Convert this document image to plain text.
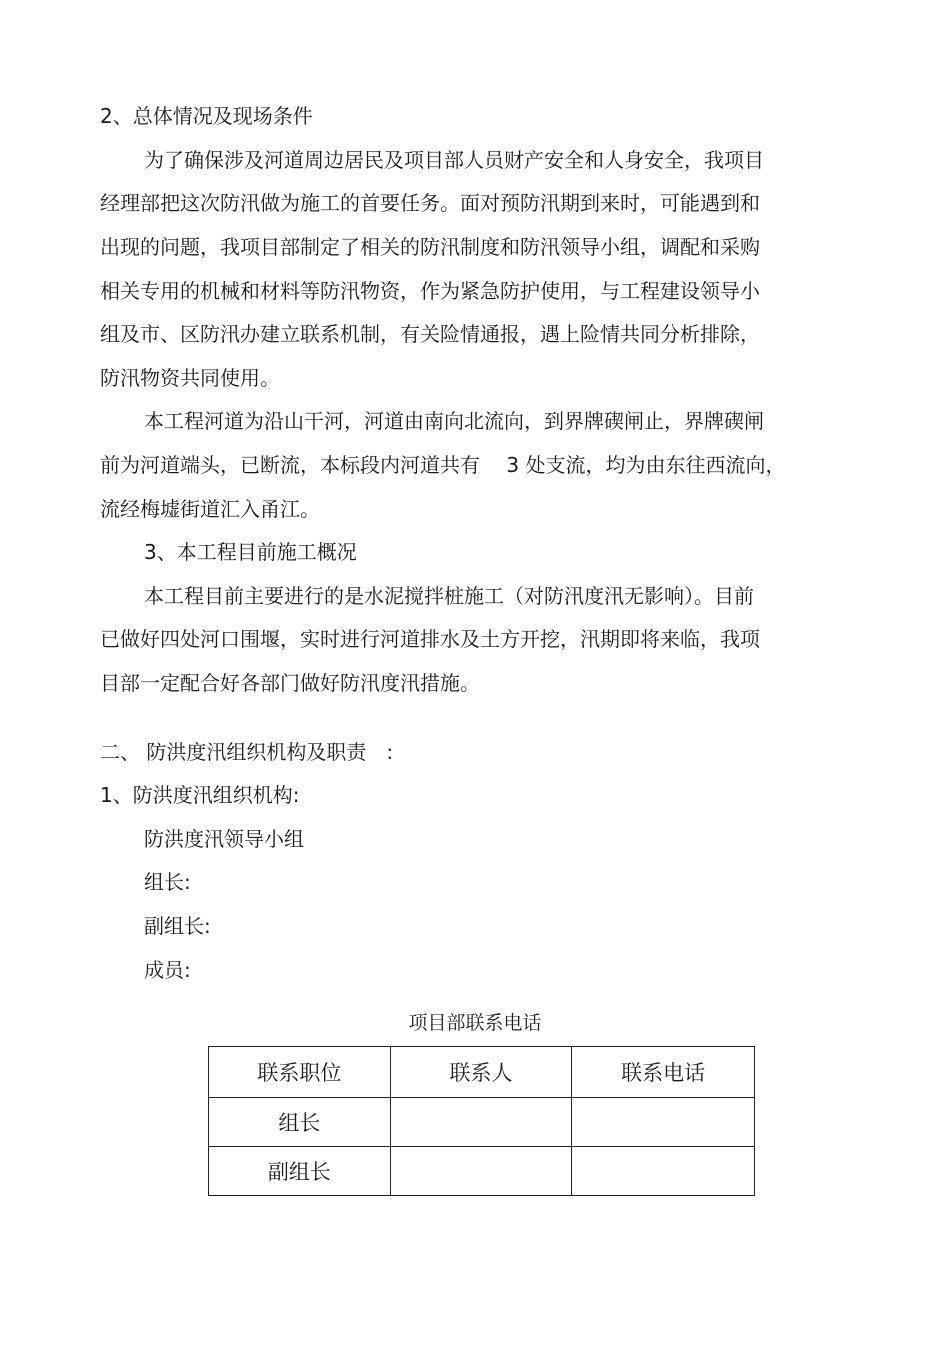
2、总体情况及现场条件
为了确保涉及河道周边居民及项目部人员财产安全和人身安全，我项目
经理部把这次防汛做为施工的首要任务。面对预防汛期到来时，可能遇到和
出现的问题，我项目部制定了相关的防汛制度和防汛领导小组，调配和采购
相关专用的机械和材料等防汛物资，作为紧急防护使用，与工程建设领导小
组及市、区防汛办建立联系机制，有关险情通报，遇上险情共同分析排除，
防汛物资共同使用。
本工程河道为沿山干河，河道由南向北流向，到界牌碶闸止，界牌碶闸
前为河道端头，已断流，本标段内河道共有　 3 处支流，均为由东往西流向，
流经梅墟街道汇入甬江。
3、本工程目前施工概况
本工程目前主要进行的是水泥搅拌桩施工（对防汛度汛无影响）。目前
已做好四处河口围堰，实时进行河道排水及土方开挖，汛期即将来临，我项
目部一定配合好各部门做好防汛度汛措施。
二、 防洪度汛组织机构及职责　:
1、防洪度汛组织机构:
防洪度汛领导小组
组长:
副组长:
成员:
项目部联系电话
联系职位	联系人	联系电话
组长		
副组长		
